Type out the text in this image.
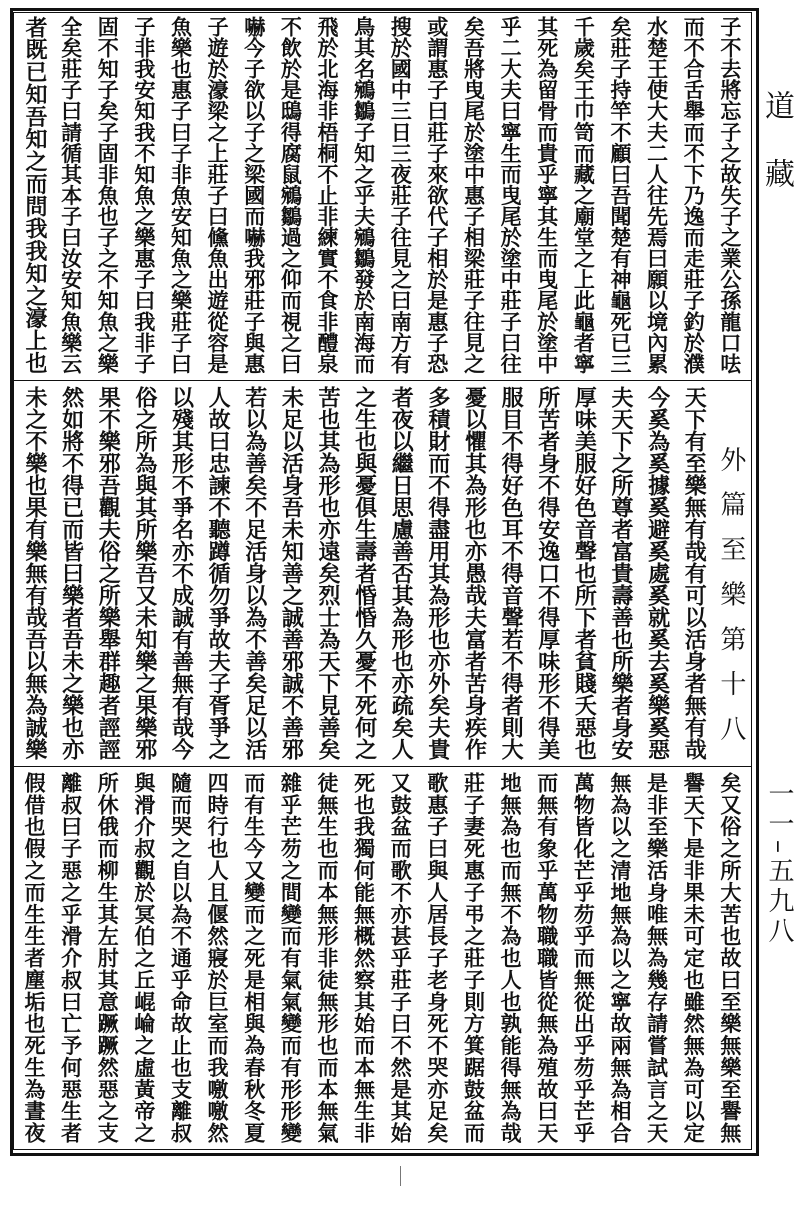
子不去將忘子之故失子之業公孫龍口呿
而不合舌舉而不下乃逸而走莊子釣於濮
水楚王使大夫二人往先焉曰願以境內累
矣莊子持竿不顧曰吾聞楚有神龜死已三
千歲矣王巾笥而藏之廟堂之上此龜者寧
其死為留骨而貴乎寧其生而曳尾於塗中
乎二大夫曰寧生而曳尾於塗中莊子曰往
矣吾將曳尾於塗中惠子相梁莊子往見之
或謂惠子曰莊子來欲代子相於是惠子恐
搜於國中三日三夜莊子往見之曰南方有
鳥其名鵷鶵子知之乎夫鵷鶵發於南海而
飛於北海非梧桐不止非練實不食非醴泉
不飲於是鴟得腐鼠鵷鶵過之仰而視之曰
嚇今子欲以子之梁國而嚇我邪莊子與惠
子遊於濠梁之上莊子曰儵魚出遊從容是
魚樂也惠子曰子非魚安知魚之樂莊子曰
子非我安知我不知魚之樂惠子曰我非子
固不知子矣子固非魚也子之不知魚之樂
全矣莊子曰請循其本子曰汝安知魚樂云
者既已知吾知之而問我我知之濠上也
外篇至樂第十八
天下有至樂無有哉有可以活身者無有哉
今奚為奚據奚避奚處奚就奚去奚樂奚惡
夫天下之所尊者富貴壽善也所樂者身安
厚味美服好色音聲也所下者貧賤夭惡也
所苦者身不得安逸口不得厚味形不得美
服目不得好色耳不得音聲若不得者則大
憂以懼其為形也亦愚哉夫富者苦身疾作
多積財而不得盡用其為形也亦外矣夫貴
者夜以繼日思慮善否其為形也亦疏矣人
之生也與憂俱生壽者惛惛久憂不死何之
苦也其為形也亦遠矣烈士為天下見善矣
未足以活身吾未知善之誠善邪誠不善邪
若以為善矣不足活身以為不善矣足以活
人故曰忠諫不聽蹲循勿爭故夫子胥爭之
以殘其形不爭名亦不成誠有善無有哉今
俗之所為與其所樂吾又未知樂之果樂邪
果不樂邪吾觀夫俗之所樂舉群趣者誙誙
然如將不得已而皆曰樂者吾未之樂也亦
未之不樂也果有樂無有哉吾以無為誠樂
矣又俗之所大苦也故曰至樂無樂至譽無
譽天下是非果未可定也雖然無為可以定
是非至樂活身唯無為幾存請嘗試言之天
無為以之清地無為以之寧故兩無為相合
萬物皆化芒乎芴乎而無從出乎芴乎芒乎
而無有象乎萬物職職皆從無為殖故曰天
地無為也而無不為也人也孰能得無為哉
莊子妻死惠子弔之莊子則方箕踞鼓盆而
歌惠子曰與人居長子老身死不哭亦足矣
又鼓盆而歌不亦甚乎莊子曰不然是其始
死也我獨何能無概然察其始而本無生非
徒無生也而本無形非徒無形也而本無氣
雜乎芒芴之間變而有氣氣變而有形形變
而有生今又變而之死是相與為春秋冬夏
四時行也人且偃然寢於巨室而我噭噭然
隨而哭之自以為不通乎命故止也支離叔
與滑介叔觀於冥伯之丘崐崘之虛黃帝之
所休俄而柳生其左肘其意蹶蹶然惡之支
離叔曰子惡之乎滑介叔曰亡予何惡生者
假借也假之而生生者塵垢也死生為晝夜
道藏
一一–五九八
